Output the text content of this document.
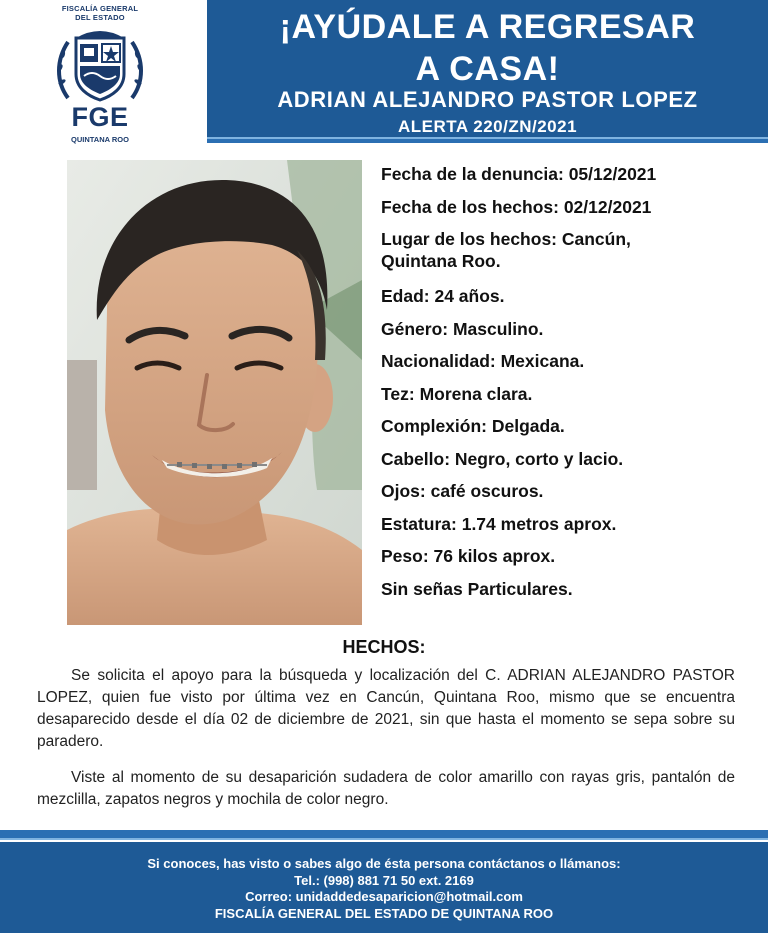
FISCALÍA GENERAL
DEL ESTADO
FGE
QUINTANA ROO
¡AYÚDALE A REGRESAR
A CASA!
ADRIAN ALEJANDRO PASTOR LOPEZ
ALERTA 220/ZN/2021
Fecha de la denuncia: 05/12/2021
Fecha de los hechos: 02/12/2021
Lugar de los hechos: Cancún,
Quintana Roo.
Edad: 24 años.
Género: Masculino.
Nacionalidad: Mexicana.
Tez: Morena clara.
Complexión: Delgada.
Cabello: Negro, corto y lacio.
Ojos: café oscuros.
Estatura: 1.74 metros aprox.
Peso: 76 kilos aprox.
Sin señas Particulares.
HECHOS:

Se solicita el apoyo para la búsqueda y localización del C. ADRIAN ALEJANDRO PASTOR LOPEZ, quien fue visto por última vez en Cancún, Quintana Roo, mismo que se encuentra desaparecido desde el día 02 de diciembre de 2021, sin que hasta el momento se sepa sobre su paradero.

Viste al momento de su desaparición sudadera de color amarillo con rayas gris, pantalón de mezclilla, zapatos negros y mochila de color negro.

Si conoces, has visto o sabes algo de ésta persona contáctanos o llámanos:
Tel.: (998) 881 71 50 ext. 2169
Correo: unidaddedesaparicion@hotmail.com
FISCALÍA GENERAL DEL ESTADO DE QUINTANA ROO
